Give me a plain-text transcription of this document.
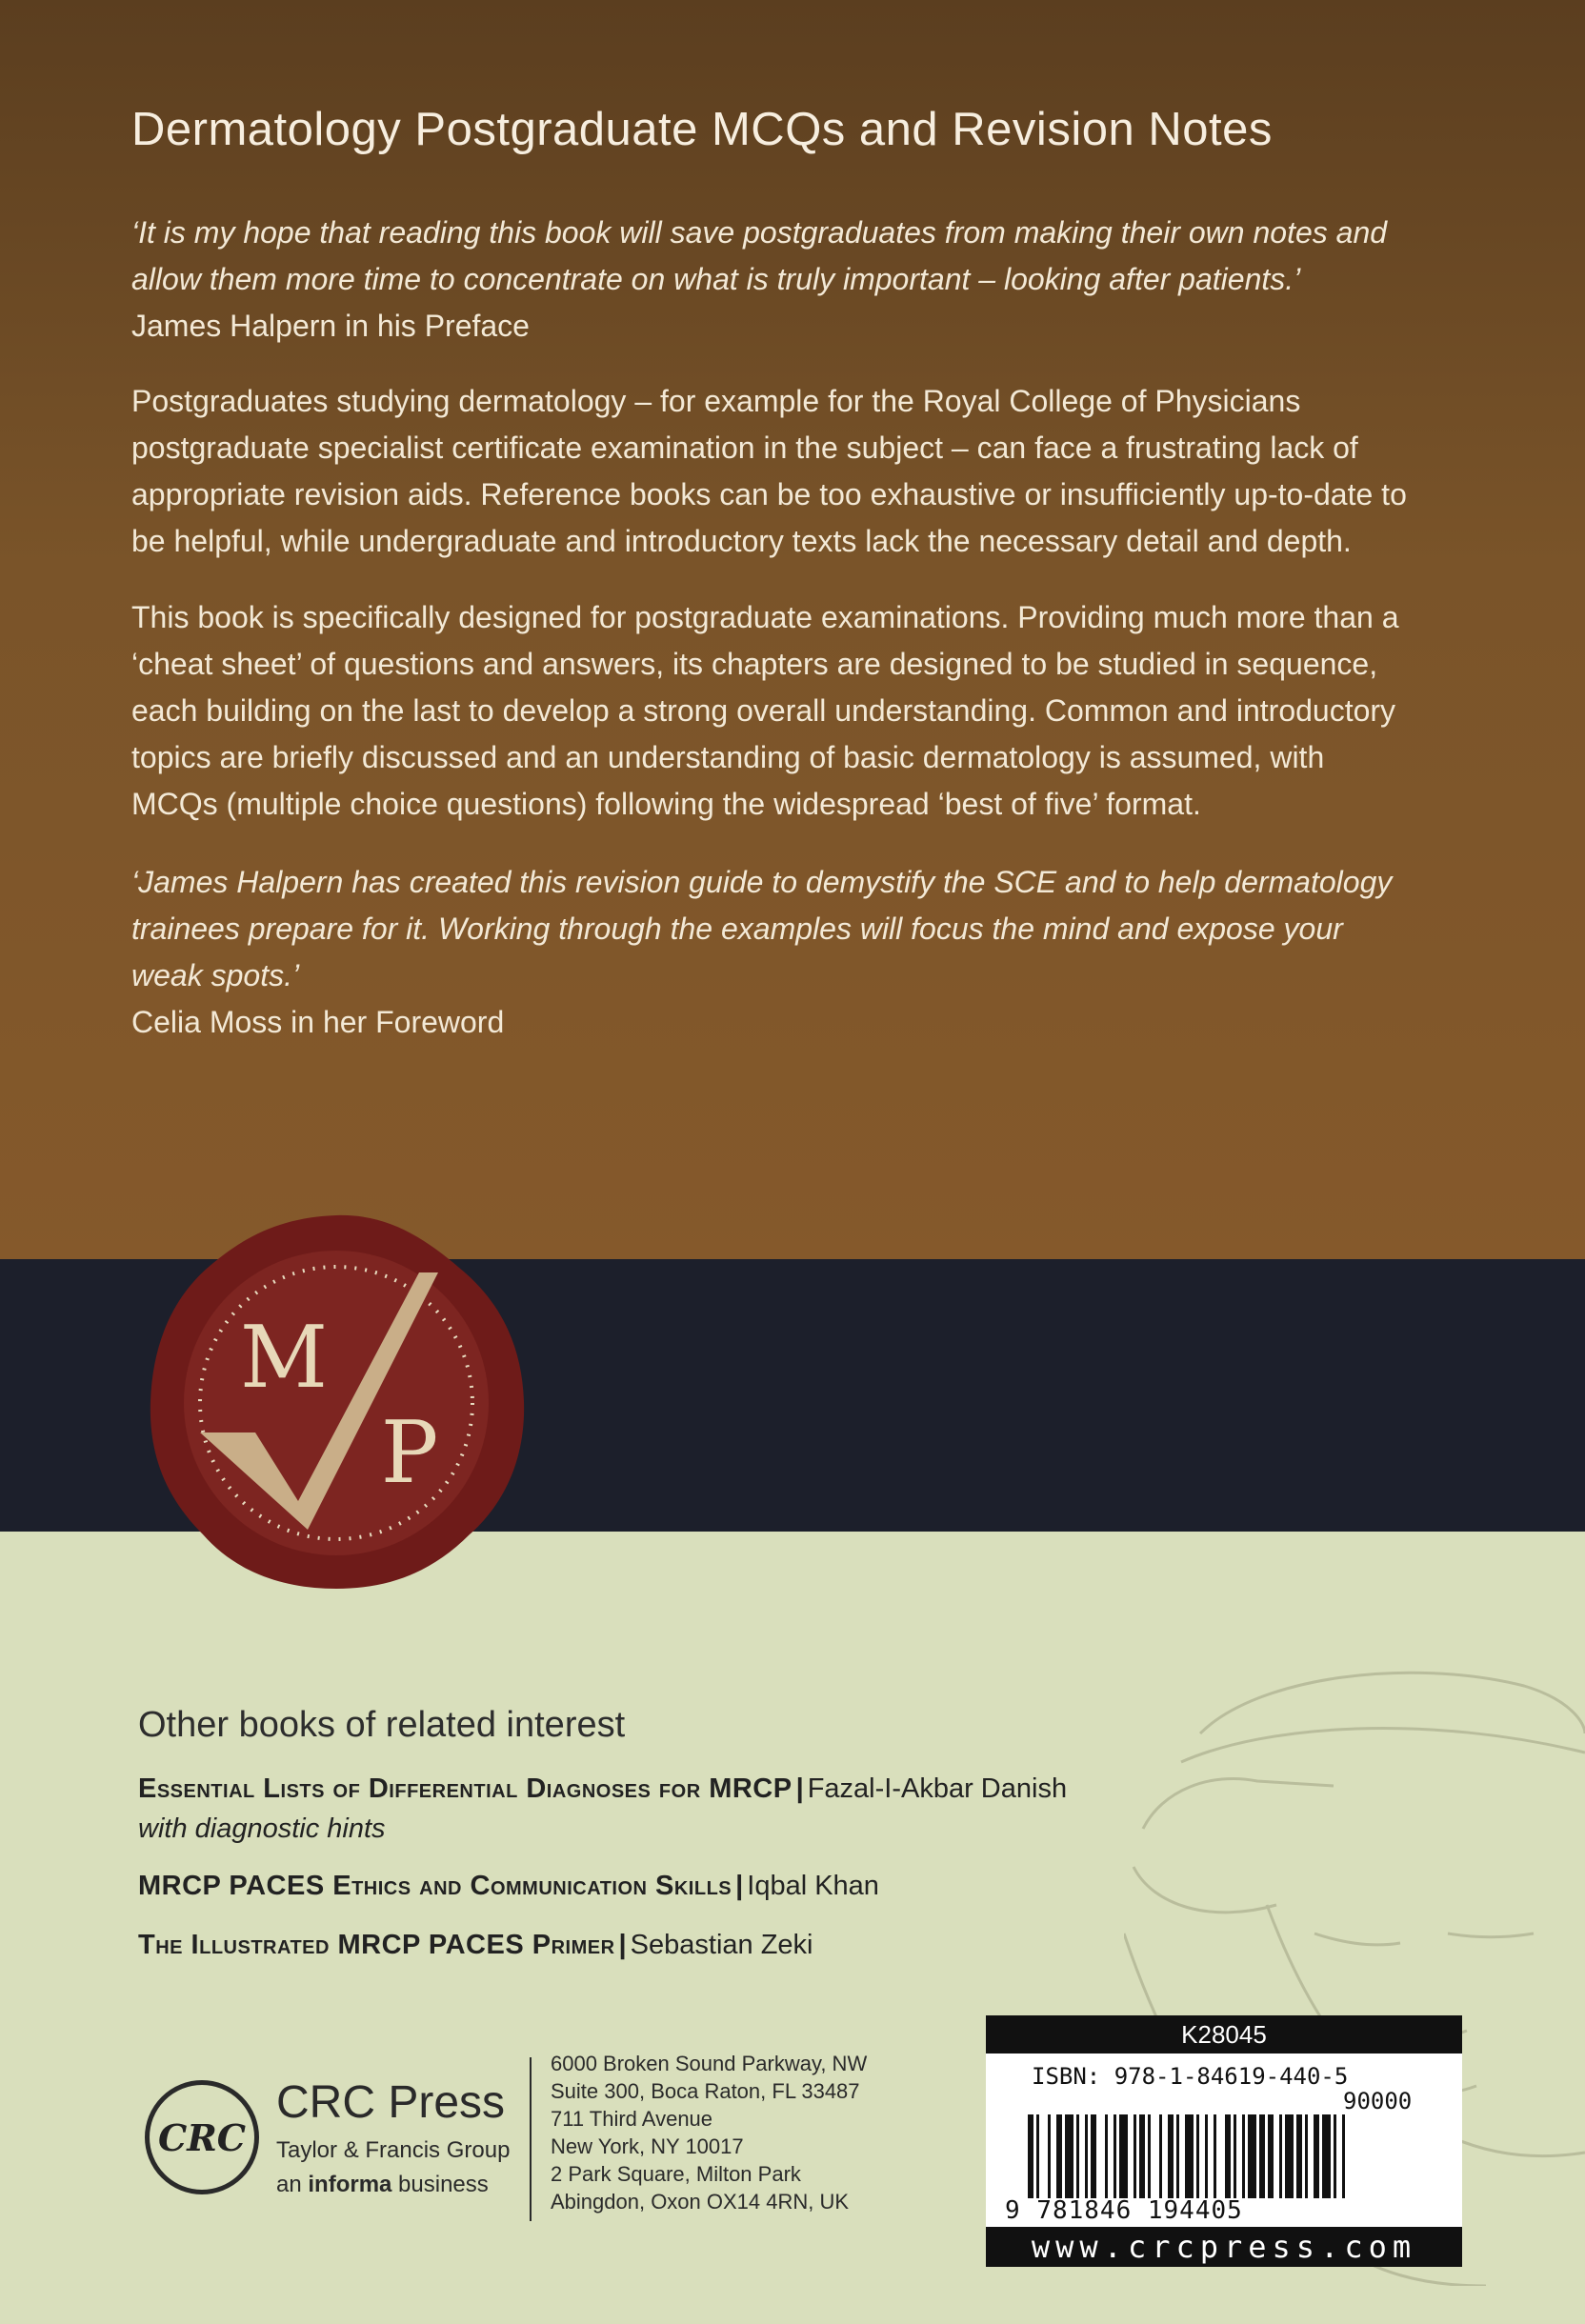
Dermatology Postgraduate MCQs and Revision Notes

‘It is my hope that reading this book will save postgraduates from making their own notes and allow them more time to concentrate on what is truly important – looking after patients.’

James Halpern in his Preface

Postgraduates studying dermatology – for example for the Royal College of Physicians postgraduate specialist certificate examination in the subject – can face a frustrating lack of appropriate revision aids. Reference books can be too exhaustive or insufficiently up-to-date to be helpful, while undergraduate and introductory texts lack the necessary detail and depth.

This book is specifically designed for postgraduate examinations. Providing much more than a ‘cheat sheet’ of questions and answers, its chapters are designed to be studied in sequence, each building on the last to develop a strong overall understanding. Common and introductory topics are briefly discussed and an understanding of basic dermatology is assumed, with MCQs (multiple choice questions) following the widespread ‘best of five’ format.

‘James Halpern has created this revision guide to demystify the SCE and to help dermatology trainees prepare for it. Working through the examples will focus the mind and expose your weak spots.’

Celia Moss in her Foreword

M
P
Other books of related interest
Essential Lists of Differential Diagnoses for MRCP | Fazal-I-Akbar Danish
with diagnostic hints
MRCP PACES Ethics and Communication Skills | Iqbal Khan
The Illustrated MRCP PACES Primer | Sebastian Zeki
CRC
CRC Press
Taylor & Francis Group
an informa business
6000 Broken Sound Parkway, NW
Suite 300, Boca Raton, FL 33487
711 Third Avenue
New York, NY 10017
2 Park Square, Milton Park
Abingdon, Oxon OX14 4RN, UK
K28045
ISBN: 978-1-84619-440-5
90000
9 781846 194405
www.crcpress.com
